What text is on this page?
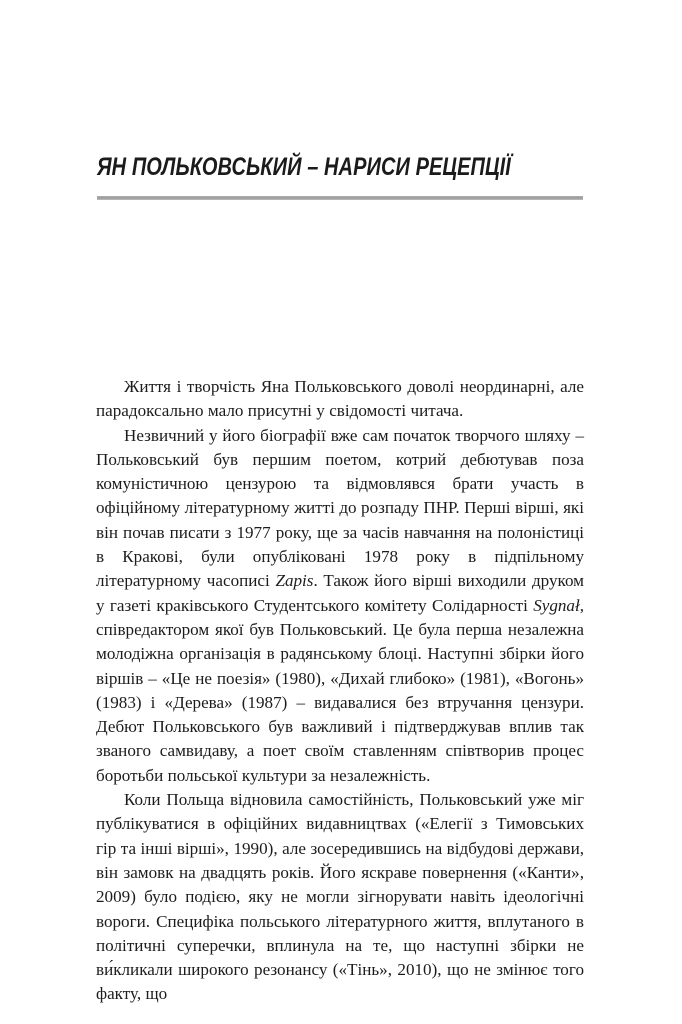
ЯН ПОЛЬКОВСЬКИЙ – НАРИСИ РЕЦЕПЦІЇ

Життя і творчість Яна Польковського доволі неординарні, але парадоксально мало присутні у свідомості читача.

Незвичний у його біографії вже сам початок творчого шляху – Польковський був першим поетом, котрий дебютував поза комуністичною цензурою та відмовлявся брати участь в офіційному літературному житті до розпаду ПНР. Перші вірші, які він почав писати з 1977 року, ще за часів навчання на полоністиці в Кракові, були опубліковані 1978 року в підпільному літературному часописі Zapis. Також його вірші виходили друком у газеті краківського Студентського комітету Солідарності Sygnał, співредактором якої був Польковський. Це була перша незалежна молодіжна організація в радянському блоці. Наступні збірки його віршів – «Це не поезія» (1980), «Дихай глибоко» (1981), «Вогонь» (1983) і «Дерева» (1987) – видавалися без втручання цензури. Дебют Польковського був важливий і підтверджував вплив так званого самвидаву, а поет своїм ставленням співтворив процес боротьби польської культури за незалежність.

Коли Польща відновила самостійність, Польковський уже міг публікуватися в офіційних видавництвах («Елегії з Тимовських гір та інші вірші», 1990), але зосередившись на відбудові держави, він замовк на двадцять років. Його яскраве повернення («Канти», 2009) було подією, яку не могли зігнорувати навіть ідеологічні вороги. Специфіка польського літературного життя, вплутаного в політичні суперечки, вплинула на те, що наступні збірки не ви́кликали широкого резонансу («Тінь», 2010), що не змінює того факту, що
